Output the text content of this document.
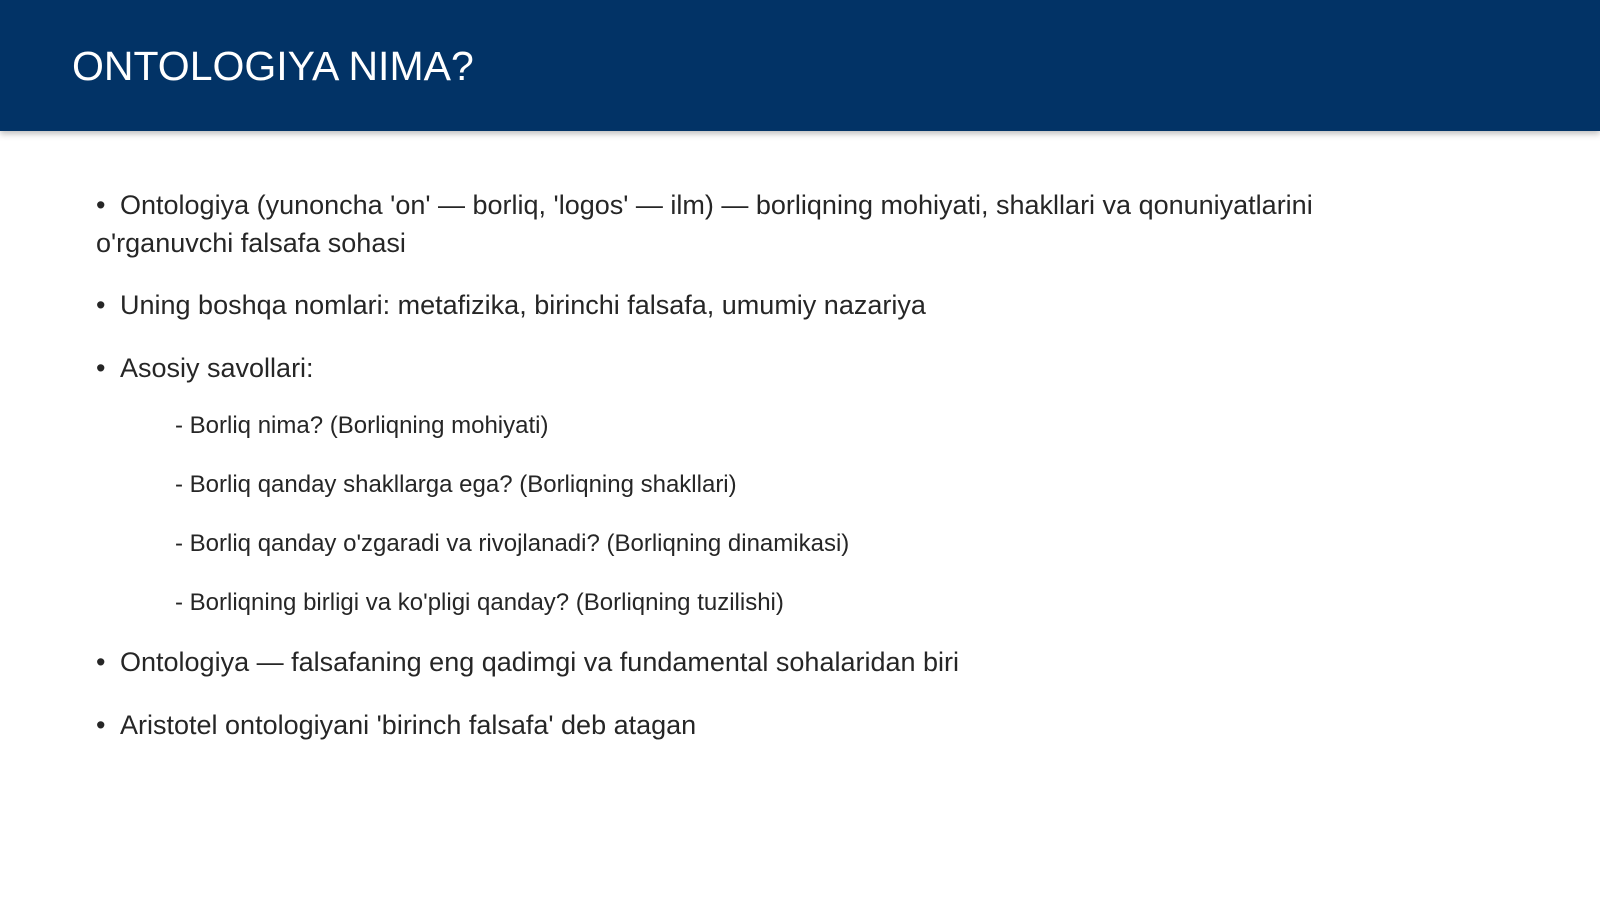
ONTOLOGIYA NIMA?

• Ontologiya (yunoncha 'on' — borliq, 'logos' — ilm) — borliqning mohiyati, shakllari va qonuniyatlarini o'rganuvchi falsafa sohasi

• Uning boshqa nomlari: metafizika, birinchi falsafa, umumiy nazariya

• Asosiy savollari:

- Borliq nima? (Borliqning mohiyati)

- Borliq qanday shakllarga ega? (Borliqning shakllari)

- Borliq qanday o'zgaradi va rivojlanadi? (Borliqning dinamikasi)

- Borliqning birligi va ko'pligi qanday? (Borliqning tuzilishi)

• Ontologiya — falsafaning eng qadimgi va fundamental sohalaridan biri

• Aristotel ontologiyani 'birinch falsafa' deb atagan
